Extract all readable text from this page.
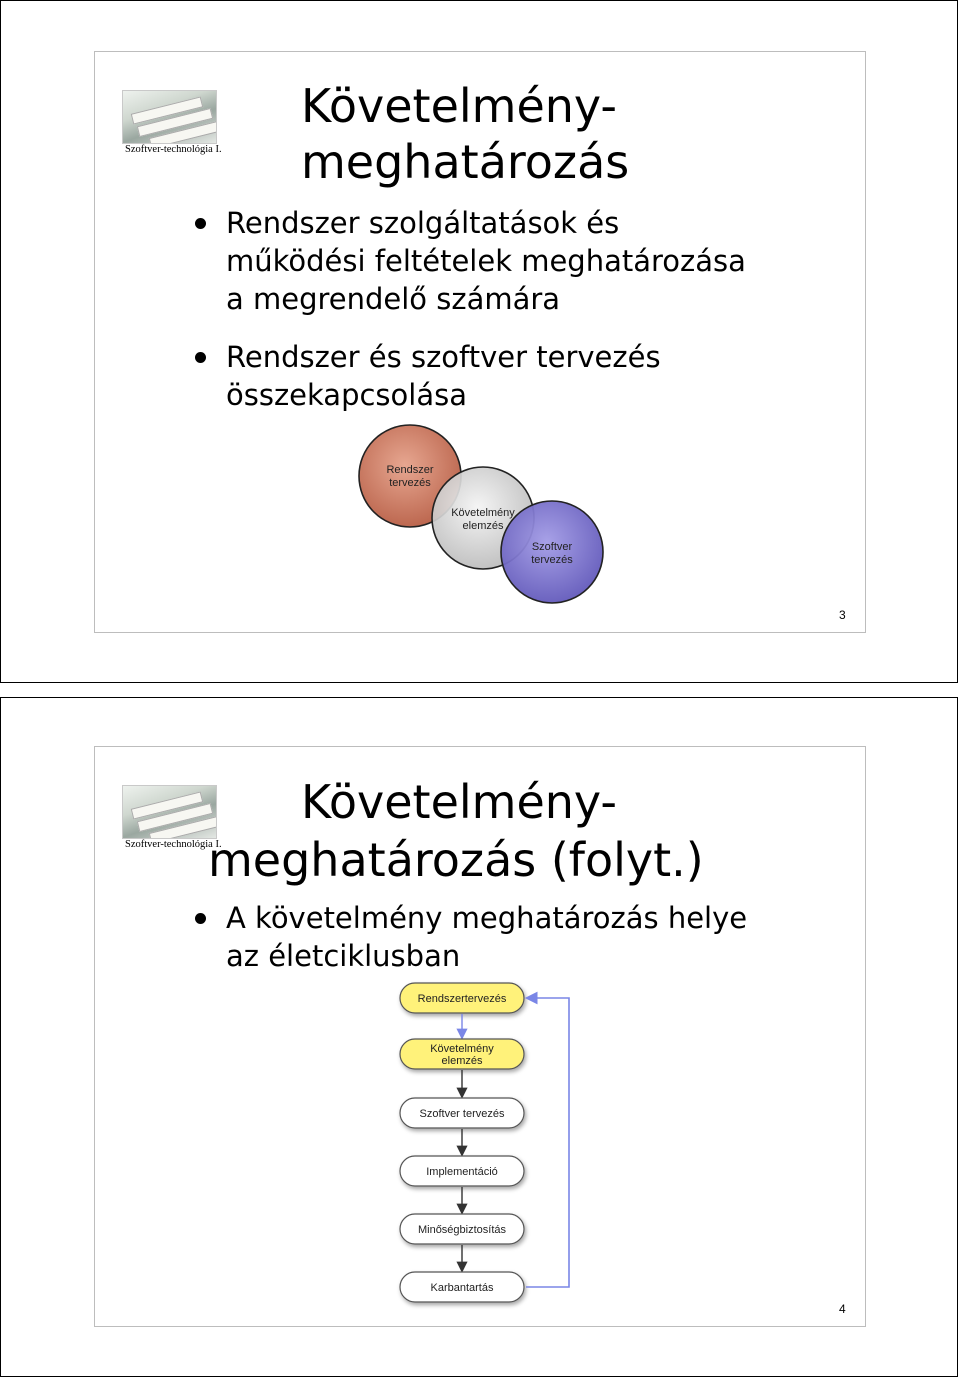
Szoftver-technológia I.
Követelmény-
meghatározás
Rendszer szolgáltatások és
működési feltételek meghatározása
a megrendelő számára
Rendszer és szoftver tervezés
összekapcsolása
Rendszer
tervezés
Követelmény
elemzés
Szoftver
tervezés
3
Szoftver-technológia I.
Követelmény-
meghatározás (folyt.)
A követelmény meghatározás helye
az életciklusban
Rendszertervezés
Követelmény
elemzés
Szoftver tervezés
Implementáció
Minőségbiztosítás
Karbantartás
4
